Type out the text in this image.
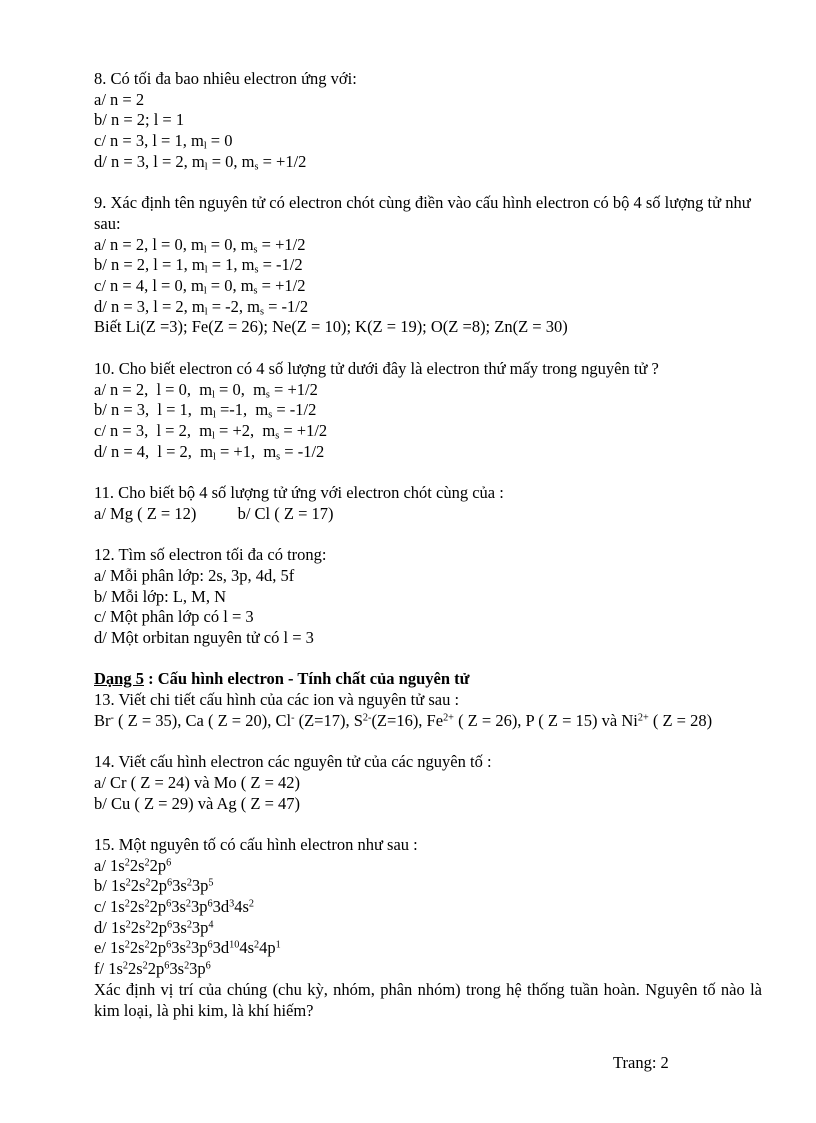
8. Có tối đa bao nhiêu electron ứng với:

a/ n = 2

b/ n = 2; l = 1

c/ n = 3, l = 1, $m_l = 0$

d/ n = 3, l = 2, $m_l = 0$, $m_s = +1/2$

9. Xác định tên nguyên tử có electron chót cùng điền vào cấu hình electron có bộ 4 số lượng tử như sau:

a/ n = 2, l = 0, $m_l = 0$, $m_s = +1/2$

b/ n = 2, l = 1, $m_l = 1$, $m_s = -1/2$

c/ n = 4, l = 0, $m_l = 0$, $m_s = +1/2$

d/ n = 3, l = 2, $m_l = -2$, $m_s = -1/2$

Biết Li(Z =3); Fe(Z = 26); Ne(Z = 10); K(Z = 19); O(Z =8); Zn(Z = 30)

10. Cho biết electron có 4 số lượng tử dưới đây là electron thứ mấy trong nguyên tử ?

a/ n = 2,  l = 0,  $m_l = 0$,  $m_s = +1/2$

b/ n = 3,  l = 1,  $m_l =-1$,  $m_s = -1/2$

c/ n = 3,  l = 2,  $m_l = +2$,  $m_s = +1/2$

d/ n = 4,  l = 2,  $m_l = +1$,  $m_s = -1/2$

11. Cho biết bộ 4 số lượng tử ứng với electron chót cùng của :

a/ Mg ( Z = 12)          b/ Cl ( Z = 17)

12. Tìm số electron tối đa có trong:

a/ Mỗi phân lớp: 2s, 3p, 4d, 5f

b/ Mỗi lớp: L, M, N

c/ Một phân lớp có l = 3

d/ Một orbitan nguyên tử có l = 3

Dạng 5 : Cấu hình electron - Tính chất của nguyên tử

13. Viết chi tiết cấu hình của các ion và nguyên tử sau :

Br- ( Z = 35), Ca ( Z = 20), Cl- (Z=17), $S^{2-}(Z=16)$, $Fe^{2+}$ ( Z = 26), P ( Z = 15) và $Ni^{2+}$ ( Z = 28)

14. Viết cấu hình electron các nguyên tử của các nguyên tố :

a/ Cr ( Z = 24) và Mo ( Z = 42)

b/ Cu ( Z = 29) và Ag ( Z = 47)

15. Một nguyên tố có cấu hình electron như sau :

a/ $1s^22s^22p^6$

b/ $1s^22s^22p^63s^23p^5$

c/ $1s^22s^22p^63s^23p^63d^34s^2$

d/ $1s^22s^22p^63s^23p^4$

e/ $1s^22s^22p^63s^23p^63d^{10}4s^24p^1$

f/ $1s^22s^22p^63s^23p^6$

Xác định vị trí của chúng (chu kỳ, nhóm, phân nhóm) trong hệ thống tuần hoàn. Nguyên tố nào là kim loại, là phi kim, là khí hiếm?

Trang: 2
